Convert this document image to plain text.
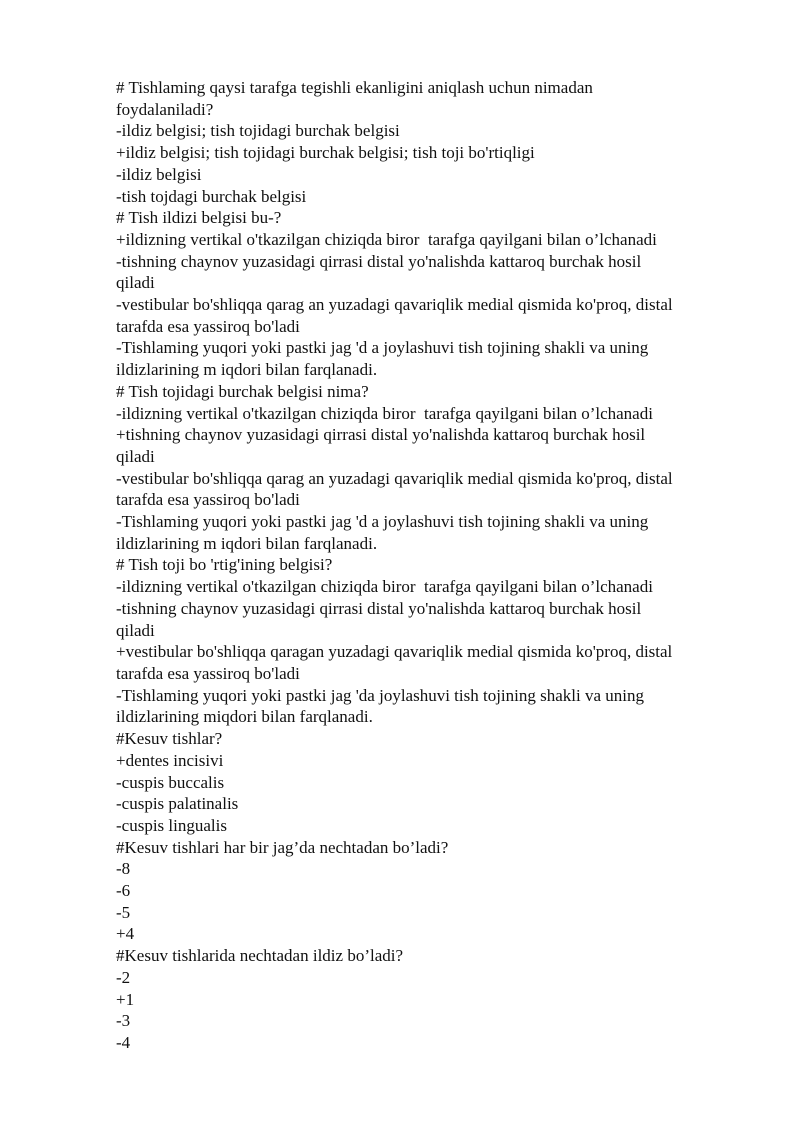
# Tishlaming qaysi tarafga tegishli ekanligini aniqlash uchun nimadan
foydalaniladi?
-ildiz belgisi; tish tojidagi burchak belgisi
+ildiz belgisi; tish tojidagi burchak belgisi; tish toji bo'rtiqligi
-ildiz belgisi
-tish tojdagi burchak belgisi
# Tish ildizi belgisi bu-?
+ildizning vertikal o'tkazilgan chiziqda biror  tarafga qayilgani bilan o’lchanadi
-tishning chaynov yuzasidagi qirrasi distal yo'nalishda kattaroq burchak hosil
qiladi
-vestibular bo'shliqqa qarag an yuzadagi qavariqlik medial qismida ko'proq, distal
tarafda esa yassiroq bo'ladi
-Tishlaming yuqori yoki pastki jag 'd a joylashuvi tish tojining shakli va uning
ildizlarining m iqdori bilan farqlanadi.
# Tish tojidagi burchak belgisi nima?
-ildizning vertikal o'tkazilgan chiziqda biror  tarafga qayilgani bilan o’lchanadi
+tishning chaynov yuzasidagi qirrasi distal yo'nalishda kattaroq burchak hosil
qiladi
-vestibular bo'shliqqa qarag an yuzadagi qavariqlik medial qismida ko'proq, distal
tarafda esa yassiroq bo'ladi
-Tishlaming yuqori yoki pastki jag 'd a joylashuvi tish tojining shakli va uning
ildizlarining m iqdori bilan farqlanadi.
# Tish toji bo 'rtig'ining belgisi?
-ildizning vertikal o'tkazilgan chiziqda biror  tarafga qayilgani bilan o’lchanadi
-tishning chaynov yuzasidagi qirrasi distal yo'nalishda kattaroq burchak hosil
qiladi
+vestibular bo'shliqqa qaragan yuzadagi qavariqlik medial qismida ko'proq, distal
tarafda esa yassiroq bo'ladi
-Tishlaming yuqori yoki pastki jag 'da joylashuvi tish tojining shakli va uning
ildizlarining miqdori bilan farqlanadi.
#Kesuv tishlar?
+dentes incisivi
-cuspis buccalis
-cuspis palatinalis
-cuspis lingualis
#Kesuv tishlari har bir jag’da nechtadan bo’ladi?
-8
-6
-5
+4
#Kesuv tishlarida nechtadan ildiz bo’ladi?
-2
+1
-3
-4
